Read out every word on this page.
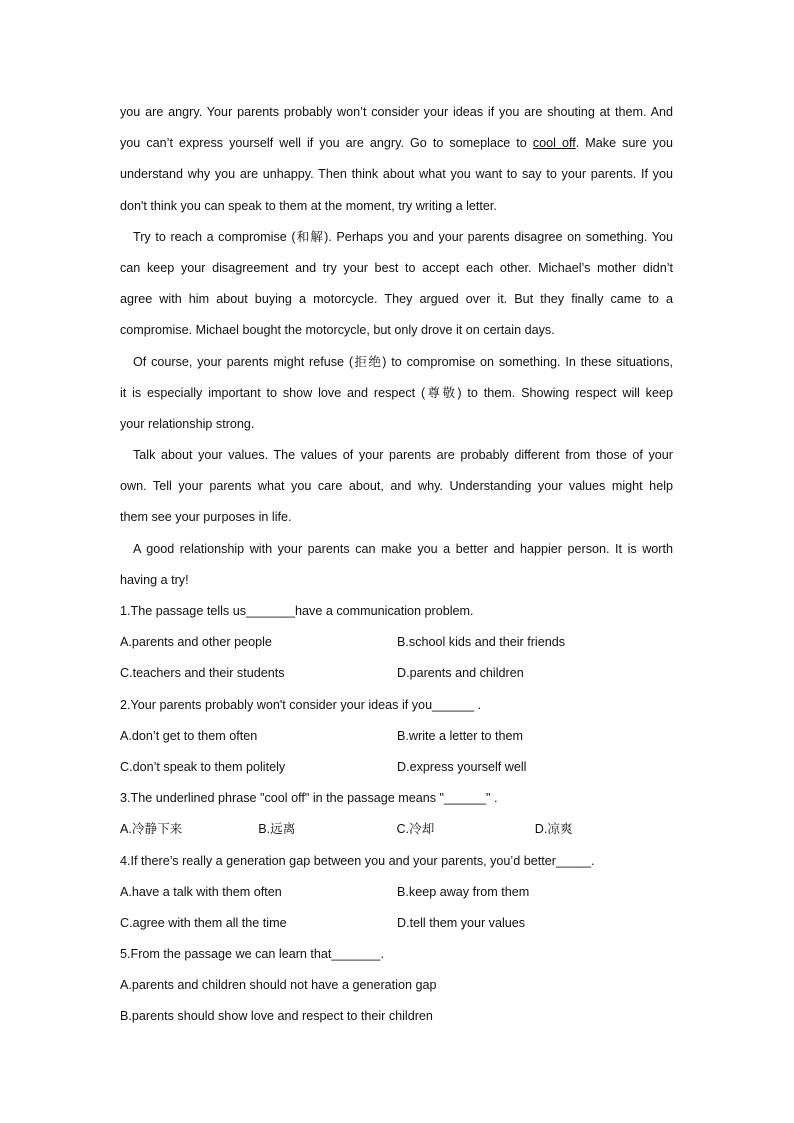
you are angry. Your parents probably won’t consider your ideas if you are shouting at them. And
you can’t express yourself well if you are angry. Go to someplace to cool off. Make sure you
understand why you are unhappy. Then think about what you want to say to your parents. If you
don't think you can speak to them at the moment, try writing a letter.
Try to reach a compromise (和解). Perhaps you and your parents disagree on something. You
can keep your disagreement and try your best to accept each other. Michael’s mother didn’t
agree with him about buying a motorcycle. They argued over it. But they finally came to a
compromise. Michael bought the motorcycle, but only drove it on certain days.
Of course, your parents might refuse (拒绝) to compromise on something. In these situations,
it is especially important to show love and respect (尊敬) to them. Showing respect will keep
your relationship strong.
Talk about your values. The values of your parents are probably different from those of your
own. Tell your parents what you care about, and why. Understanding your values might help
them see your purposes in life.
A good relationship with your parents can make you a better and happier person. It is worth
having a try!
1.The passage tells us_______have a communication problem.
A.parents and other people	B.school kids and their friends
C.teachers and their students	D.parents and children
2.Your parents probably won't consider your ideas if you______ .
A.don’t get to them often	B.write a letter to them
C.don’t speak to them politely	D.express yourself well
3.The underlined phrase "cool off" in the passage means "______" .
A.冷静下来	B.远离	C.冷却	D.凉爽
4.If there’s really a generation gap between you and your parents, you’d better_____.
A.have a talk with them often	B.keep away from them
C.agree with them all the time	D.tell them your values
5.From the passage we can learn that_______.
A.parents and children should not have a generation gap
B.parents should show love and respect to their children
